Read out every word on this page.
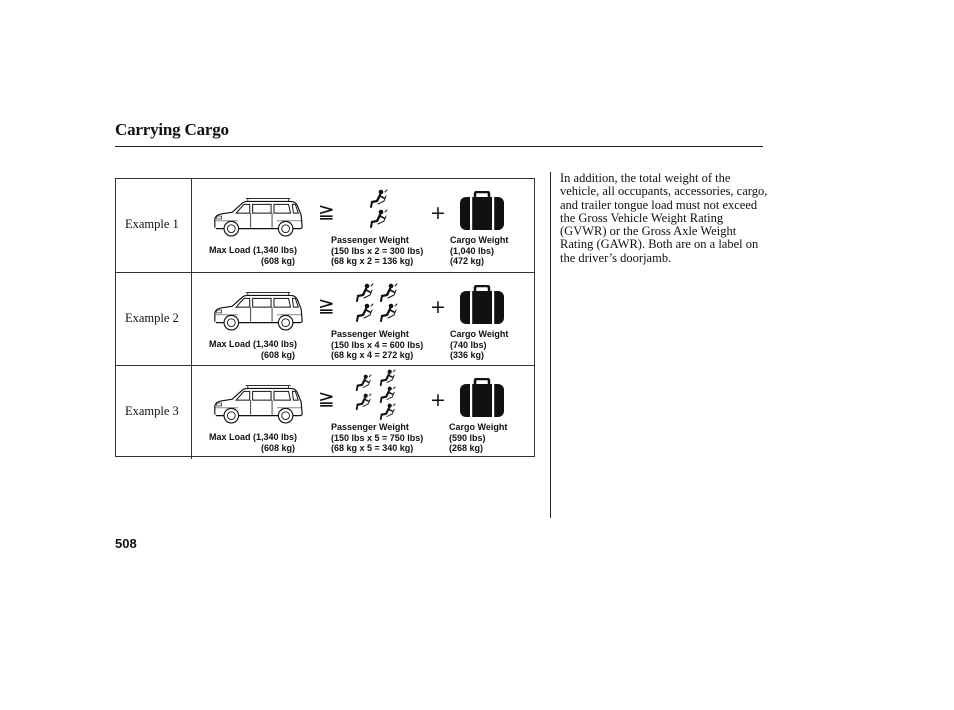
Carrying Cargo
Example 1
Max Load (1,340 lbs)
(608 kg)
≧	+
Passenger Weight
(150 lbs x 2 = 300 lbs)
(68 kg x 2 = 136 kg)
Cargo Weight
(1,040 lbs)
(472 kg)
Example 2
Max Load (1,340 lbs)
(608 kg)
≧	+
Passenger Weight
(150 lbs x 4 = 600 lbs)
(68 kg x 4 = 272 kg)
Cargo Weight
(740 lbs)
(336 kg)
Example 3
Max Load (1,340 lbs)
(608 kg)
≧	+
Passenger Weight
(150 lbs x 5 = 750 lbs)
(68 kg x 5 = 340 kg)
Cargo Weight
(590 lbs)
(268 kg)
In addition, the total weight of the vehicle, all occupants, accessories, cargo, and trailer tongue load must not exceed the Gross Vehicle Weight Rating (GVWR) or the Gross Axle Weight Rating (GAWR). Both are on a label on the driver’s doorjamb.
508
